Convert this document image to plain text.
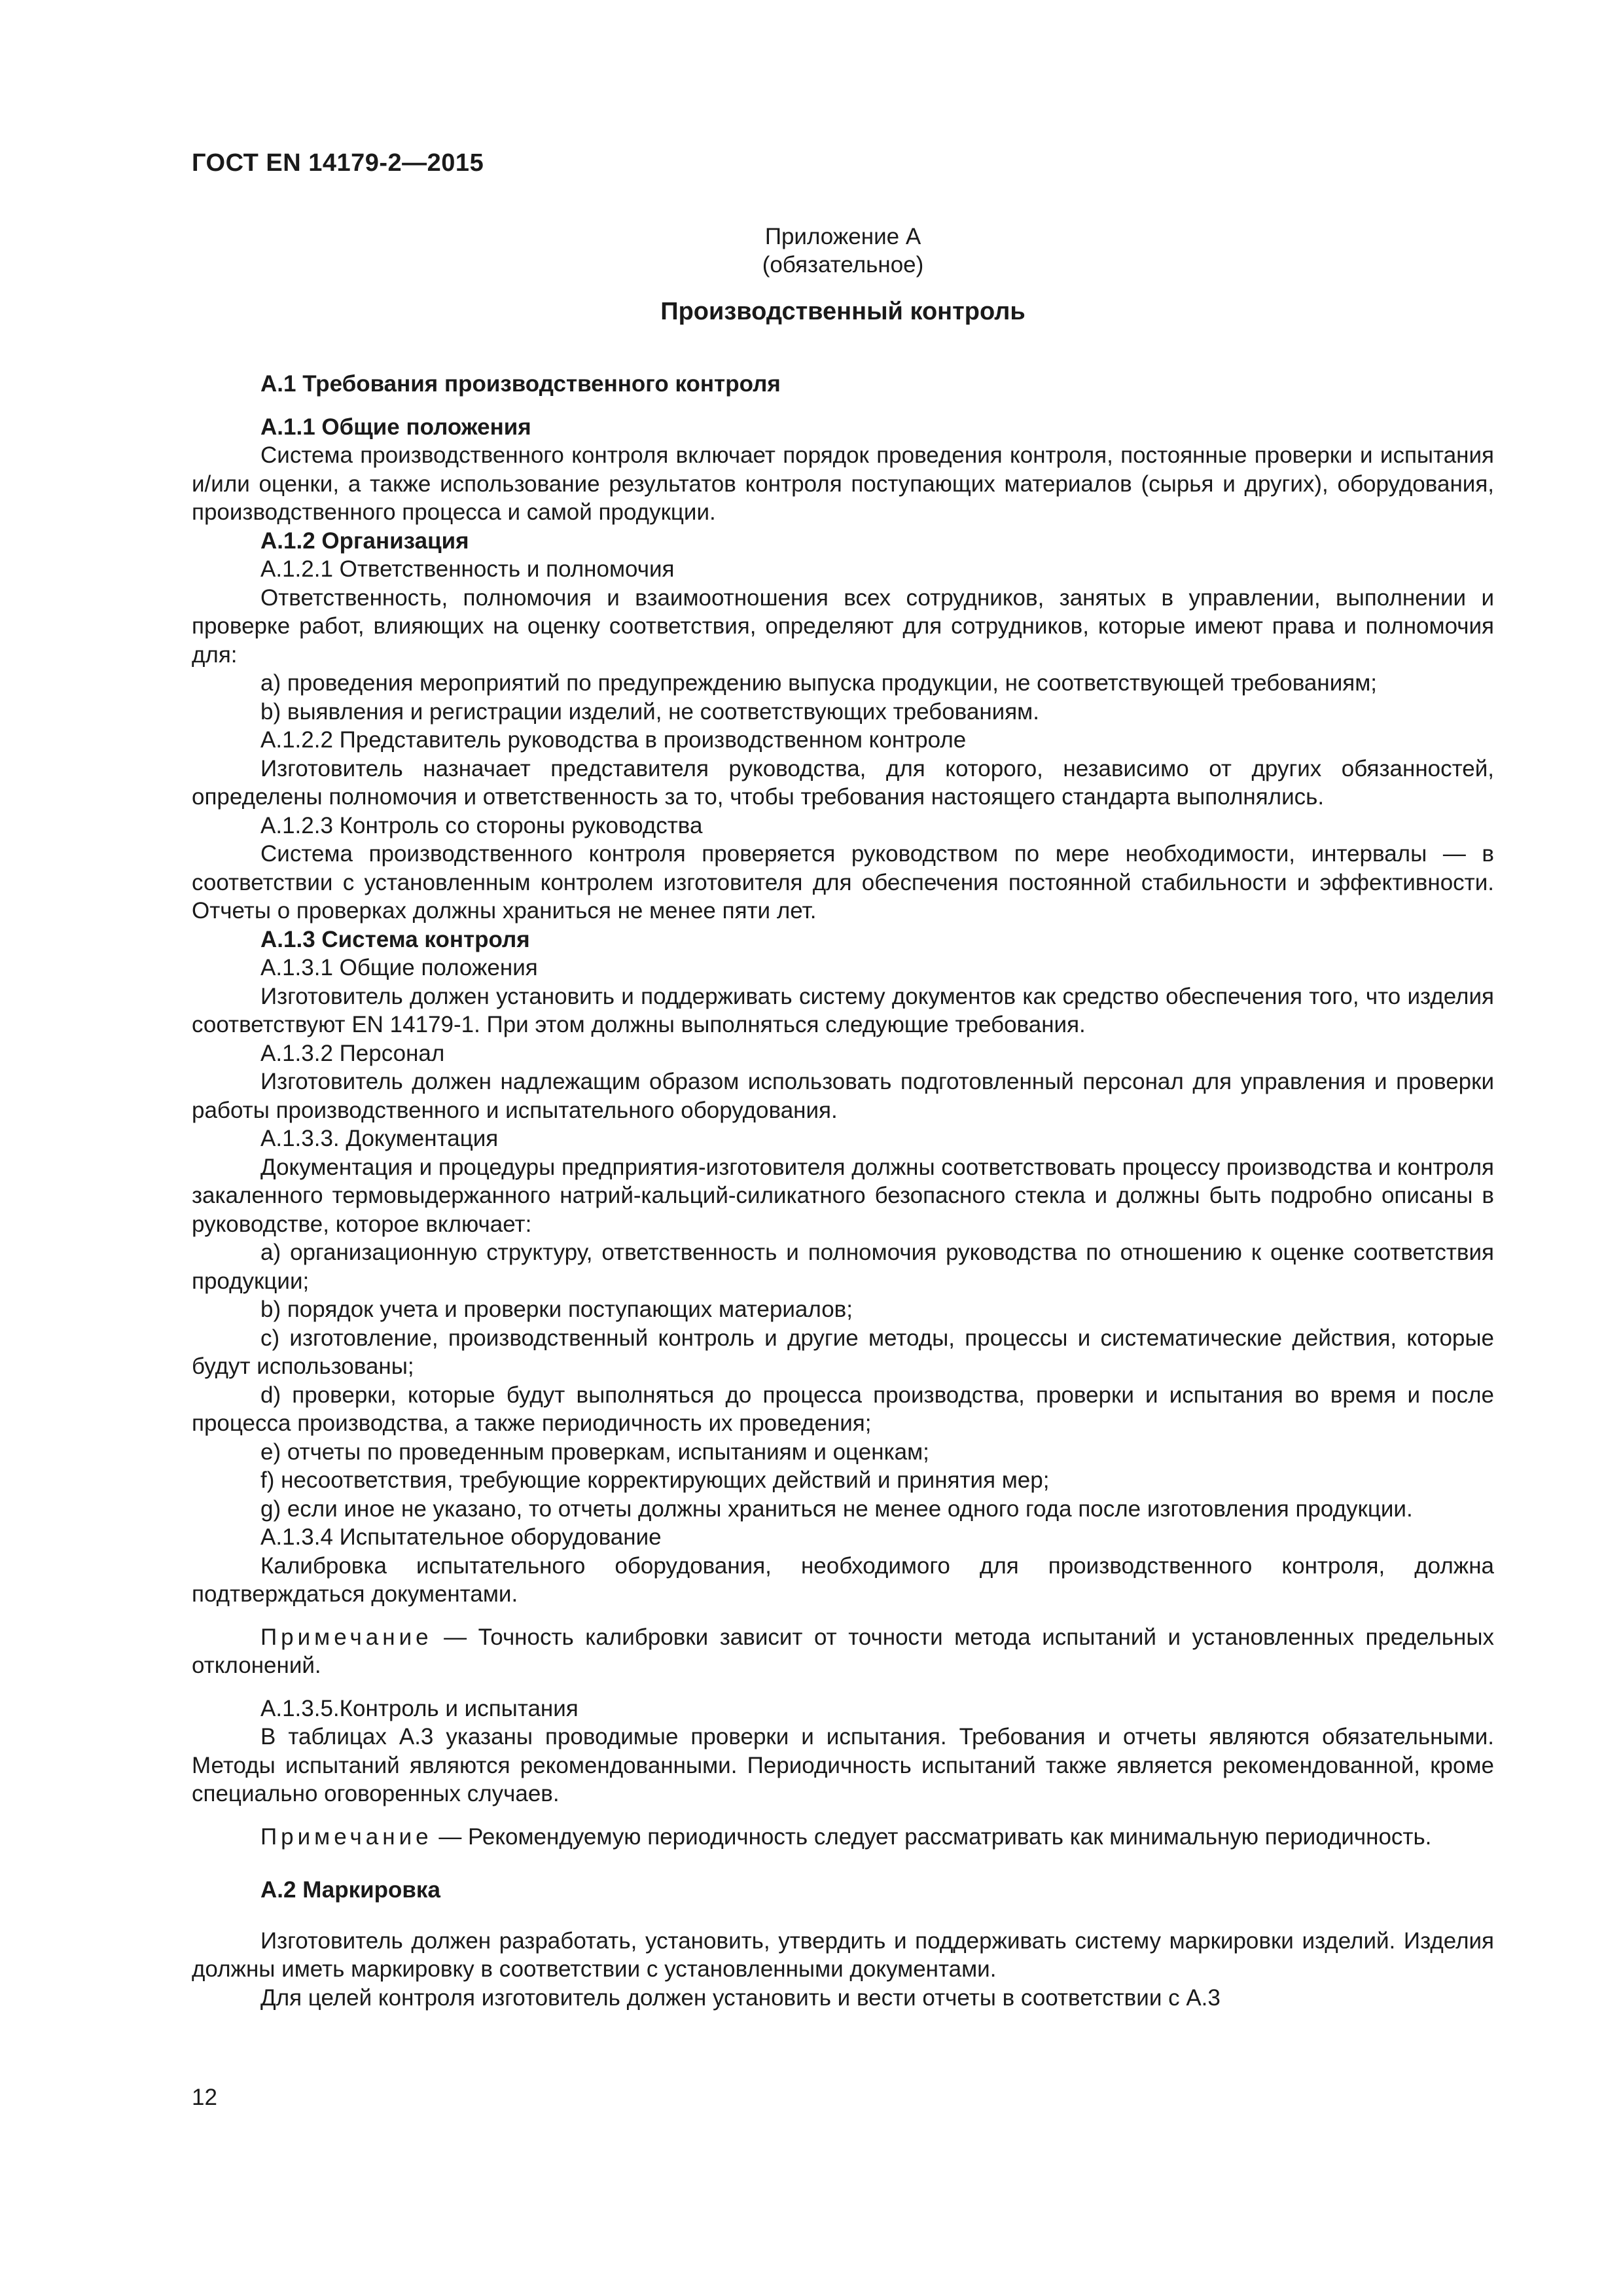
ГОСТ EN 14179-2—2015
Приложение А
(обязательное)
Производственный контроль

А.1 Требования производственного контроля

А.1.1 Общие положения

Система производственного контроля включает порядок проведения контроля, постоянные проверки и испытания и/или оценки, а также использование результатов контроля поступающих материалов (сырья и других), оборудования, производственного процесса и самой продукции.

А.1.2 Организация

А.1.2.1 Ответственность и полномочия

Ответственность, полномочия и взаимоотношения всех сотрудников, занятых в управлении, выполнении и проверке работ, влияющих на оценку соответствия, определяют для сотрудников, которые имеют права и полномочия для:

a) проведения мероприятий по предупреждению выпуска продукции, не соответствующей требованиям;

b) выявления и регистрации изделий, не соответствующих требованиям.

А.1.2.2 Представитель руководства в производственном контроле

Изготовитель назначает представителя руководства, для которого, независимо от других обязанностей, определены полномочия и ответственность за то, чтобы требования настоящего стандарта выполнялись.

А.1.2.3 Контроль со стороны руководства

Система производственного контроля проверяется руководством по мере необходимости, интервалы — в соответствии с установленным контролем изготовителя для обеспечения постоянной стабильности и эффективности. Отчеты о проверках должны храниться не менее пяти лет.

А.1.3 Система контроля

А.1.3.1 Общие положения

Изготовитель должен установить и поддерживать систему документов как средство обеспечения того, что изделия соответствуют EN 14179-1. При этом должны выполняться следующие требования.

А.1.3.2 Персонал

Изготовитель должен надлежащим образом использовать подготовленный персонал для управления и проверки работы производственного и испытательного оборудования.

А.1.3.3. Документация

Документация и процедуры предприятия-изготовителя должны соответствовать процессу производства и контроля закаленного термовыдержанного натрий-кальций-силикатного безопасного стекла и должны быть подробно описаны в руководстве, которое включает:

a) организационную структуру, ответственность и полномочия руководства по отношению к оценке соответствия продукции;

b) порядок учета и проверки поступающих материалов;

c) изготовление, производственный контроль и другие методы, процессы и систематические действия, которые будут использованы;

d) проверки, которые будут выполняться до процесса производства, проверки и испытания во время и после процесса производства, а также периодичность их проведения;

e) отчеты по проведенным проверкам, испытаниям и оценкам;

f) несоответствия, требующие корректирующих действий и принятия мер;

g) если иное не указано, то отчеты должны храниться не менее одного года после изготовления продукции.

А.1.3.4 Испытательное оборудование

Калибровка испытательного оборудования, необходимого для производственного контроля, должна подтверждаться документами.

Примечание — Точность калибровки зависит от точности метода испытаний и установленных предельных отклонений.

А.1.3.5.Контроль и испытания

В таблицах А.3 указаны проводимые проверки и испытания. Требования и отчеты являются обязательными. Методы испытаний являются рекомендованными. Периодичность испытаний также является рекомендованной, кроме специально оговоренных случаев.

Примечание — Рекомендуемую периодичность следует рассматривать как минимальную периодичность.

А.2 Маркировка

Изготовитель должен разработать, установить, утвердить и поддерживать систему маркировки изделий. Изделия должны иметь маркировку в соответствии с установленными документами.

Для целей контроля изготовитель должен установить и вести отчеты в соответствии с А.3

12
